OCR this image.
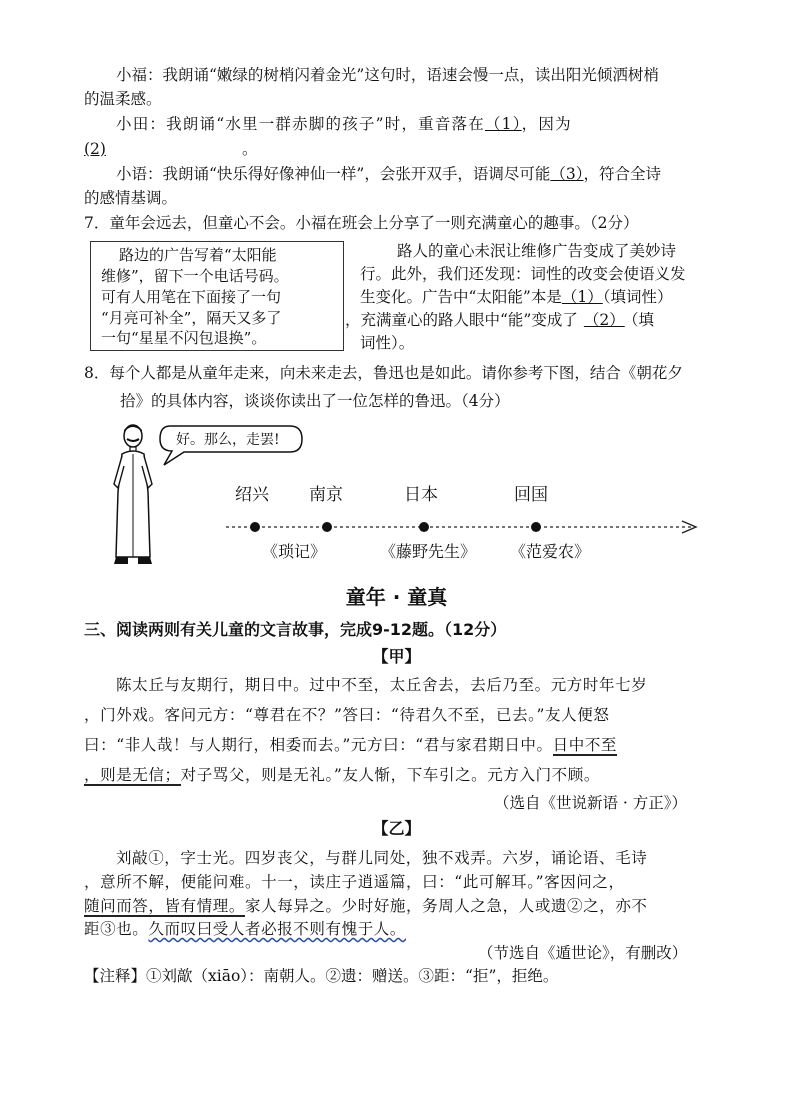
小福：我朗诵“嫩绿的树梢闪着金光”这句时，语速会慢一点，读出阳光倾洒树梢
的温柔感。
小田：我朗诵“水里一群赤脚的孩子”时，重音落在（1），因为
(2)	。
小语：我朗诵“快乐得好像神仙一样”，会张开双手，语调尽可能（3），符合全诗
的感情基调。
7．童年会远去，但童心不会。小福在班会上分享了一则充满童心的趣事。（2分）
路边的广告写着“太阳能
维修”，留下一个电话号码。
可有人用笔在下面接了一句
“月亮可补全”，隔天又多了
一句“星星不闪包退换”。
路人的童心未泯让维修广告变成了美妙诗
行。此外，我们还发现：词性的改变会使语义发
生变化。广告中“太阳能”本是（1）（填词性）
，充满童心的路人眼中“能”变成了 （2） （填
词性）。
8．每个人都是从童年走来，向未来走去，鲁迅也是如此。请你参考下图，结合《朝花夕
拾》的具体内容，谈谈你读出了一位怎样的鲁迅。（4分）
好。那么，走罢!
绍兴 南京	日本	回国
《琐记》	《藤野先生》 《范爱农》
童年 · 童真
三、阅读两则有关儿童的文言故事，完成9-12题。（12分）
【甲】
陈太丘与友期行，期日中。过中不至，太丘舍去，去后乃至。元方时年七岁
，门外戏。客问元方：“尊君在不？”答曰：“待君久不至，已去。”友人便怒
曰：“非人哉！与人期行，相委而去。”元方曰：“君与家君期日中。日中不至
，则是无信；对子骂父，则是无礼。”友人惭，下车引之。元方入门不顾。
（选自《世说新语 · 方正》）
【乙】
刘敲①，字士光。四岁丧父，与群儿同处，独不戏弄。六岁，诵论语、毛诗
，意所不解，便能问难。十一，读庄子逍遥篇，曰：“此可解耳。”客因问之，
随问而答，皆有情理。家人每异之。少时好施，务周人之急，人或遗②之，亦不
距③也。久而叹曰受人者必报不则有愧于人。
（节选自《遁世论》，有删改）
【注释】①刘歊（xiāo）：南朝人。②遗：赠送。③距：“拒”，拒绝。
